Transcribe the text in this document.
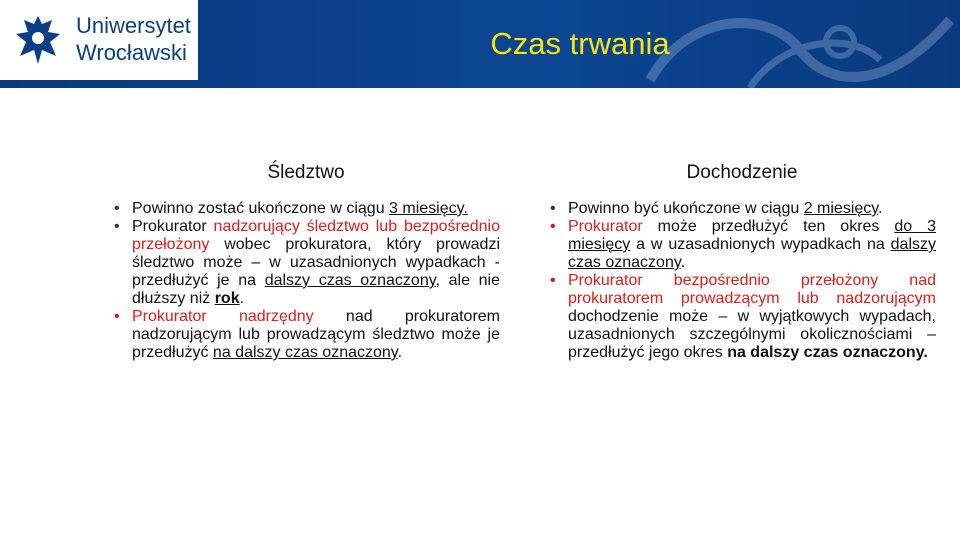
Uniwersytet
Wrocławski	Czas trwania
Śledztwo
• Powinno zostać ukończone w ciągu 3 miesięcy.
• Prokurator nadzorujący śledztwo lub bezpośrednio przełożony wobec prokuratora, który prowadzi śledztwo może – w uzasadnionych wypadkach - przedłużyć je na dalszy czas oznaczony, ale nie dłuższy niż rok.
• Prokurator nadrzędny nad prokuratorem nadzorującym lub prowadzącym śledztwo może je przedłużyć na dalszy czas oznaczony.
Dochodzenie
• Powinno być ukończone w ciągu 2 miesięcy.
• Prokurator może przedłużyć ten okres do 3 miesięcy a w uzasadnionych wypadkach na dalszy czas oznaczony.
• Prokurator bezpośrednio przełożony nad prokuratorem prowadzącym lub nadzorującym dochodzenie może – w wyjątkowych wypadach, uzasadnionych szczególnymi okolicznościami – przedłużyć jego okres na dalszy czas oznaczony.
